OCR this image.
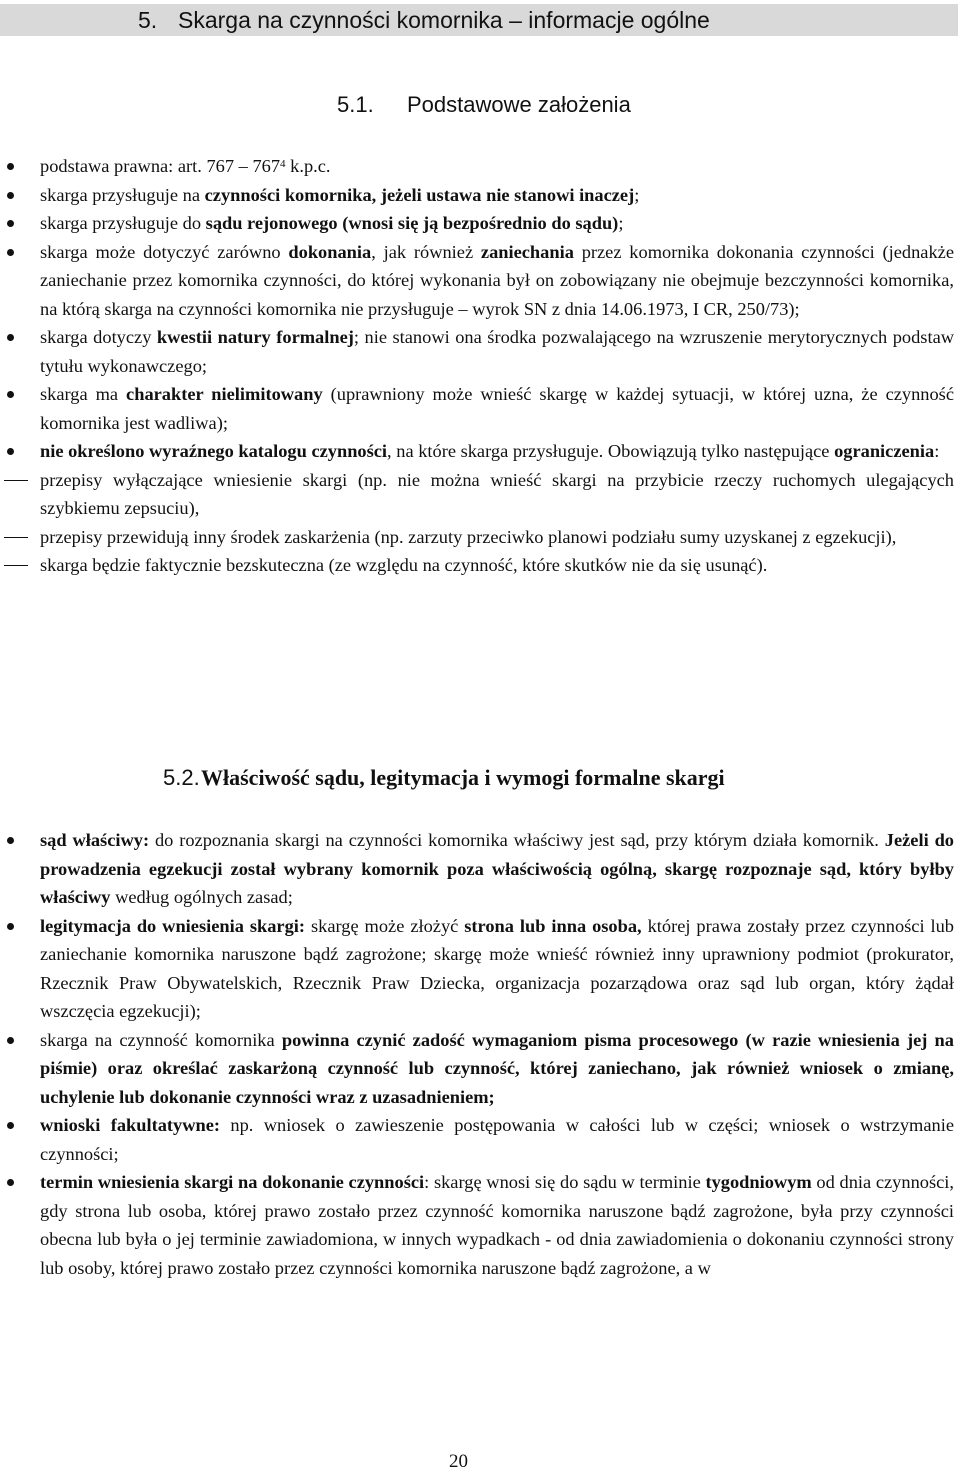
5. Skarga na czynności komornika – informacje ogólne
5.1. Podstawowe założenia
podstawa prawna: art. $767 - 767^4$ k.p.c.
skarga przysługuje na czynności komornika, jeżeli ustawa nie stanowi inaczej;
skarga przysługuje do sądu rejonowego (wnosi się ją bezpośrednio do sądu);
skarga może dotyczyć zarówno dokonania, jak również zaniechania przez komornika dokonania czynności (jednakże zaniechanie przez komornika czynności, do której wykonania był on zobowiązany nie obejmuje bezczynności komornika, na którą skarga na czynności komornika nie przysługuje – wyrok SN z dnia 14.06.1973, I CR, 250/73);
skarga dotyczy kwestii natury formalnej; nie stanowi ona środka pozwalającego na wzruszenie merytorycznych podstaw tytułu wykonawczego;
skarga ma charakter nielimitowany (uprawniony może wnieść skargę w każdej sytuacji, w której uzna, że czynność komornika jest wadliwa);
nie określono wyraźnego katalogu czynności, na które skarga przysługuje. Obowiązują tylko następujące ograniczenia:
przepisy wyłączające wniesienie skargi (np. nie można wnieść skargi na przybicie rzeczy ruchomych ulegających szybkiemu zepsuciu),
przepisy przewidują inny środek zaskarżenia (np. zarzuty przeciwko planowi podziału sumy uzyskanej z egzekucji),
skarga będzie faktycznie bezskuteczna (ze względu na czynność, które skutków nie da się usunąć).
5.2.Właściwość sądu, legitymacja i wymogi formalne skargi
sąd właściwy: do rozpoznania skargi na czynności komornika właściwy jest sąd, przy którym działa komornik. Jeżeli do prowadzenia egzekucji został wybrany komornik poza właściwością ogólną, skargę rozpoznaje sąd, który byłby właściwy według ogólnych zasad;
legitymacja do wniesienia skargi: skargę może złożyć strona lub inna osoba, której prawa zostały przez czynności lub zaniechanie komornika naruszone bądź zagrożone; skargę może wnieść również inny uprawniony podmiot (prokurator, Rzecznik Praw Obywatelskich, Rzecznik Praw Dziecka, organizacja pozarządowa oraz sąd lub organ, który żądał wszczęcia egzekucji);
skarga na czynność komornika powinna czynić zadość wymaganiom pisma procesowego (w razie wniesienia jej na piśmie) oraz określać zaskarżoną czynność lub czynność, której zaniechano, jak również wniosek o zmianę, uchylenie lub dokonanie czynności wraz z uzasadnieniem;
wnioski fakultatywne: np. wniosek o zawieszenie postępowania w całości lub w części; wniosek o wstrzymanie czynności;
termin wniesienia skargi na dokonanie czynności: skargę wnosi się do sądu w terminie tygodniowym od dnia czynności, gdy strona lub osoba, której prawo zostało przez czynność komornika naruszone bądź zagrożone, była przy czynności obecna lub była o jej terminie zawiadomiona, w innych wypadkach - od dnia zawiadomienia o dokonaniu czynności strony lub osoby, której prawo zostało przez czynności komornika naruszone bądź zagrożone, a w
20
